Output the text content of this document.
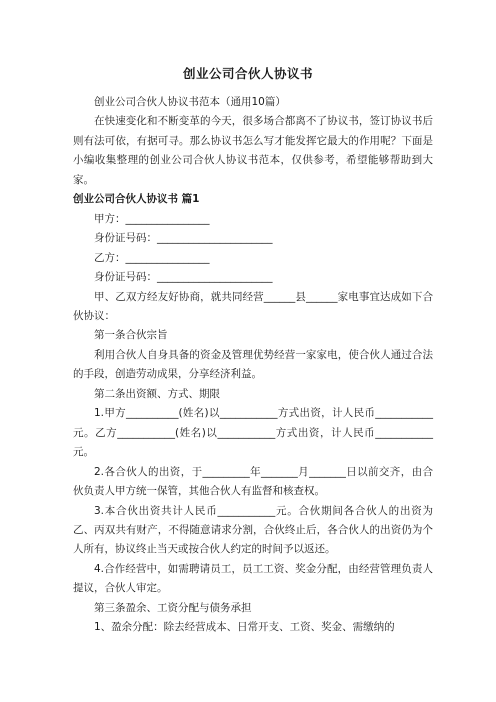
创业公司合伙人协议书

创业公司合伙人协议书范本（通用10篇）

在快速变化和不断变革的今天，很多场合都离不了协议书，签订协议书后则有法可依，有据可寻。那么协议书怎么写才能发挥它最大的作用呢？下面是小编收集整理的创业公司合伙人协议书范本，仅供参考，希望能够帮助到大家。

创业公司合伙人协议书 篇1

甲方：________________

身份证号码：______________________

乙方：________________

身份证号码：______________________

甲、乙双方经友好协商，就共同经营______县______家电事宜达成如下合伙协议：

第一条合伙宗旨

利用合伙人自身具备的资金及管理优势经营一家家电，使合伙人通过合法的手段，创造劳动成果，分享经济利益。

第二条出资额、方式、期限

1.甲方__________(姓名)以___________方式出资，计人民币___________元。乙方___________(姓名)以___________方式出资，计人民币___________元。

2.各合伙人的出资，于_________年_______月_______日以前交齐，由合伙负责人甲方统一保管，其他合伙人有监督和核查权。

3.本合伙出资共计人民币___________元。合伙期间各合伙人的出资为乙、丙双共有财产，不得随意请求分割，合伙终止后，各合伙人的出资仍为个人所有，协议终止当天或按合伙人约定的时间予以返还。

4.合作经营中，如需聘请员工，员工工资、奖金分配，由经营管理负责人提议，合伙人审定。

第三条盈余、工资分配与债务承担

1、盈余分配：除去经营成本、日常开支、工资、奖金、需缴纳的
